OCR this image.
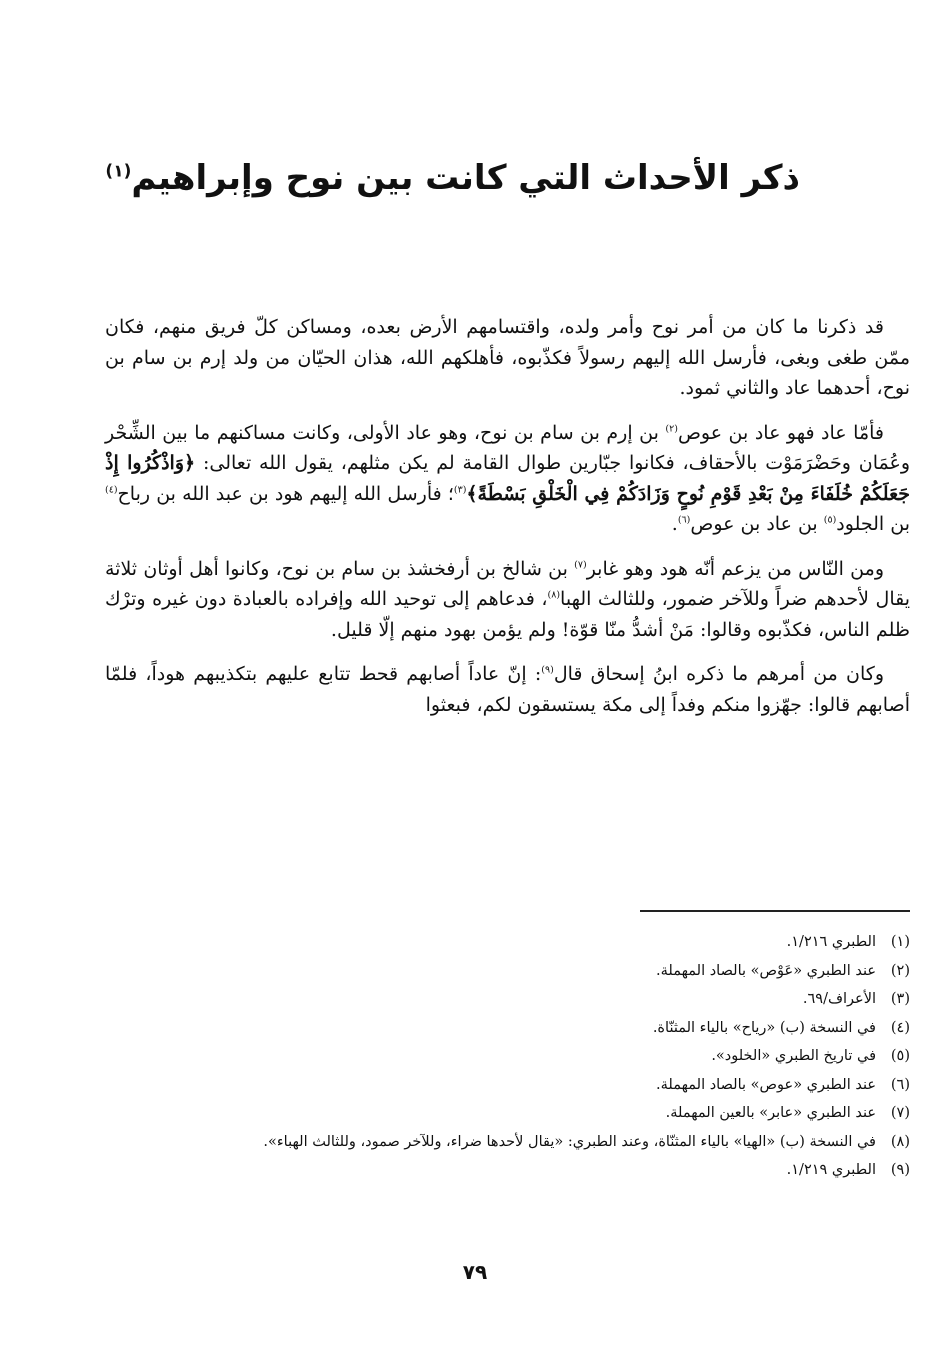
ذكر الأحداث التي كانت بين نوح وإبراهيم$^{(١)}$

قد ذكرنا ما كان من أمر نوح وأمر ولده، واقتسامهم الأرض بعده، ومساكن كلّ فريق منهم، فكان ممّن طغى وبغى، فأرسل الله إليهم رسولاً فكذّبوه، فأهلكهم الله، هذان الحيّان من ولد إرم بن سام بن نوح، أحدهما عاد والثاني ثمود.

فأمّا عاد فهو عاد بن عوص$^{(٢)}$ بن إرم بن سام بن نوح، وهو عاد الأولى، وكانت مساكنهم ما بين الشِّحْر وعُمَان وحَضْرَمَوْت بالأحقاف، فكانوا جبّارين طوال القامة لم يكن مثلهم، يقول الله تعالى: ﴿وَاذْكُرُوا إِذْ جَعَلَكُمْ خُلَفَاءَ مِنْ بَعْدِ قَوْمِ نُوحٍ وَزَادَكُمْ فِي الْخَلْقِ بَسْطَةً﴾$^{(٣)}$؛ فأرسل الله إليهم هود بن عبد الله بن رباح$^{(٤)}$ بن الجلود$^{(٥)}$ بن عاد بن عوص$^{(٦)}$.

ومن النّاس من يزعم أنّه هود وهو غابر$^{(٧)}$ بن شالخ بن أرفخشذ بن سام بن نوح، وكانوا أهل أوثان ثلاثة يقال لأحدهم ضراً وللآخر ضمور، وللثالث الهبا$^{(٨)}$، فدعاهم إلى توحيد الله وإفراده بالعبادة دون غيره وترْك ظلم الناس، فكذّبوه وقالوا: مَنْ أشدُّ منّا قوّة! ولم يؤمن بهود منهم إلّا قليل.

وكان من أمرهم ما ذكره ابنُ إسحاق قال$^{(٩)}$: إنّ عاداً أصابهم قحط تتابع عليهم بتكذيبهم هوداً، فلمّا أصابهم قالوا: جهّزوا منكم وفداً إلى مكة يستسقون لكم، فبعثوا

(١)
الطبري ١/٢١٦.
(٢)
عند الطبري «عَوْص» بالصاد المهملة.
(٣)
الأعراف/٦٩.
(٤)
في النسخة (ب) «رياح» بالياء المثنّاة.
(٥)
في تاريخ الطبري «الخلود».
(٦)
عند الطبري «عوص» بالصاد المهملة.
(٧)
عند الطبري «عابر» بالعين المهملة.
(٨)
في النسخة (ب) «الهيا» بالياء المثنّاة، وعند الطبري: «يقال لأحدها ضراء، وللآخر صمود، وللثالث الهباء».
(٩)
الطبري ١/٢١٩.
٧٩
